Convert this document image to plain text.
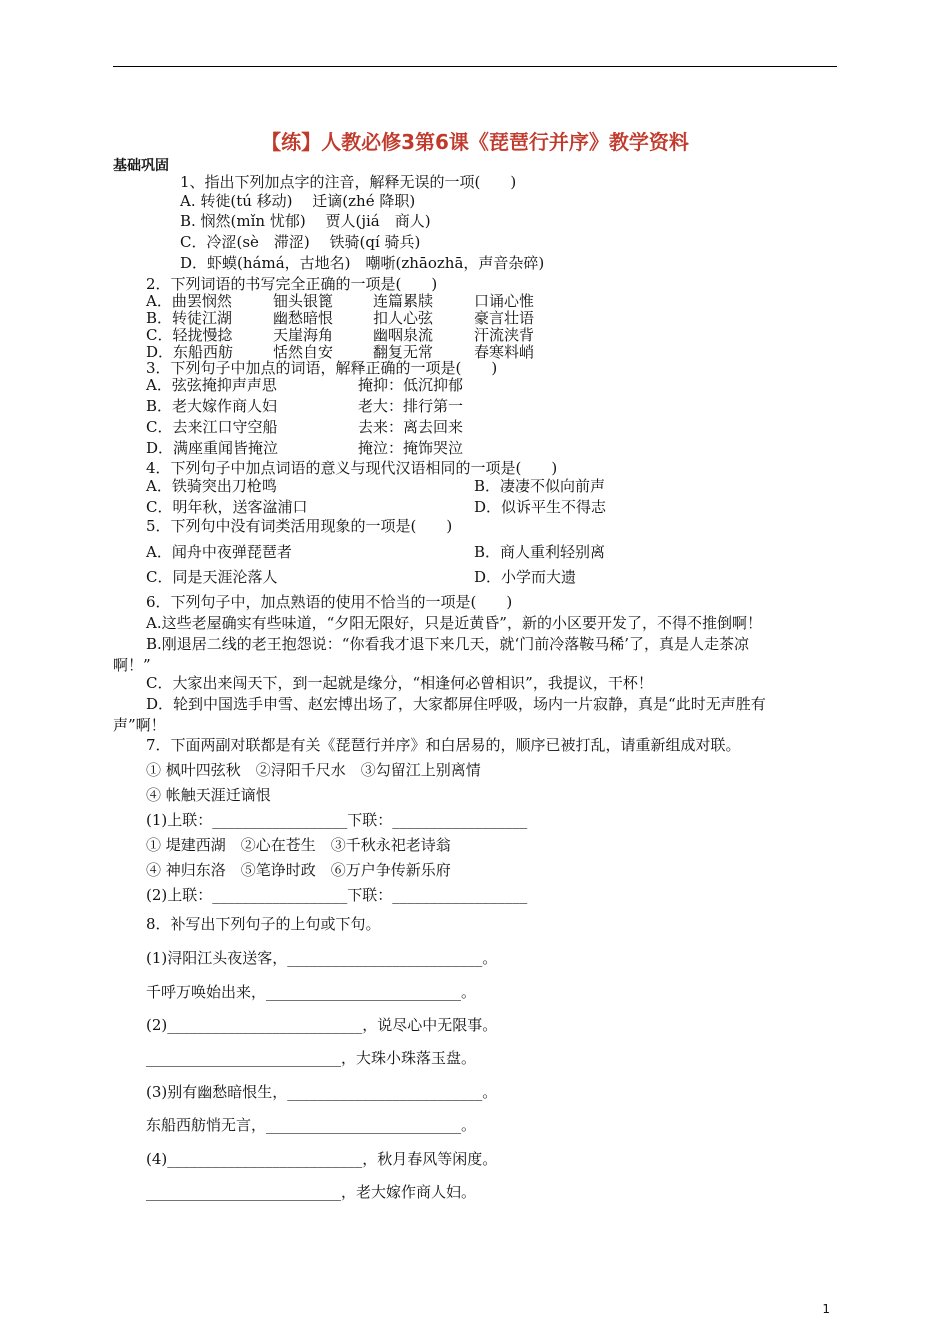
【练】人教必修3第6课《琵琶行并序》教学资料
基础巩固
1、指出下列加点字的注音，解释无误的一项(　　)
A. 转徙(tú 移动)　 迁谪(zhé 降职)
B. 悯然(mǐn 忧郁)　 贾人(jiá　商人)
C．冷涩(sè　滞涩)　 铁骑(qí 骑兵)
D．虾蟆(hámá，古地名)　嘲哳(zhāozhā，声音杂碎)
2．下列词语的书写完全正确的一项是(　　)
A．曲罢悯然	钿头银篦	连篇累牍	口诵心惟
B．转徒江湖	幽愁暗恨	扣人心弦	豪言壮语
C．轻拢慢捻	天崖海角	幽咽泉流	汗流浃背
D．东船西舫	恬然自安	翻复无常	春寒料峭
3．下列句子中加点的词语，解释正确的一项是(　　)
A．弦弦掩抑声声思	掩抑：低沉抑郁
B．老大嫁作商人妇	老大：排行第一
C．去来江口守空船	去来：离去回来
D．满座重闻皆掩泣	掩泣：掩饰哭泣
4．下列句子中加点词语的意义与现代汉语相同的一项是(　　)
A．铁骑突出刀枪鸣	B．凄凄不似向前声
C．明年秋，送客湓浦口	D．似诉平生不得志
5．下列句中没有词类活用现象的一项是(　　)
A．闻舟中夜弹琵琶者	B．商人重利轻别离
C．同是天涯沦落人	D．小学而大遗
6．下列句子中，加点熟语的使用不恰当的一项是(　　)
A.这些老屋确实有些味道，“夕阳无限好，只是近黄昏”，新的小区要开发了，不得不推倒啊！
B.刚退居二线的老王抱怨说：“你看我才退下来几天，就‘门前冷落鞍马稀’了，真是人走茶凉
啊！”
C．大家出来闯天下，到一起就是缘分，“相逢何必曾相识”，我提议，干杯！
D．轮到中国选手申雪、赵宏博出场了，大家都屏住呼吸，场内一片寂静，真是“此时无声胜有
声”啊！
7．下面两副对联都是有关《琵琶行并序》和白居易的，顺序已被打乱，请重新组成对联。
① 枫叶四弦秋　②浔阳千尺水　③勾留江上别离情
④ 帐触天涯迁谪恨
(1)上联：__________________下联：__________________
① 堤建西湖　②心在苍生　③千秋永祀老诗翁
④ 神归东洛　⑤笔诤时政　⑥万户争传新乐府
(2)上联：__________________下联：__________________
8．补写出下列句子的上句或下句。
(1)浔阳江头夜送客，__________________________。
千呼万唤始出来，__________________________。
(2)__________________________，说尽心中无限事。
__________________________，大珠小珠落玉盘。
(3)别有幽愁暗恨生，__________________________。
东船西舫悄无言，__________________________。
(4)__________________________，秋月春风等闲度。
__________________________，老大嫁作商人妇。
1
